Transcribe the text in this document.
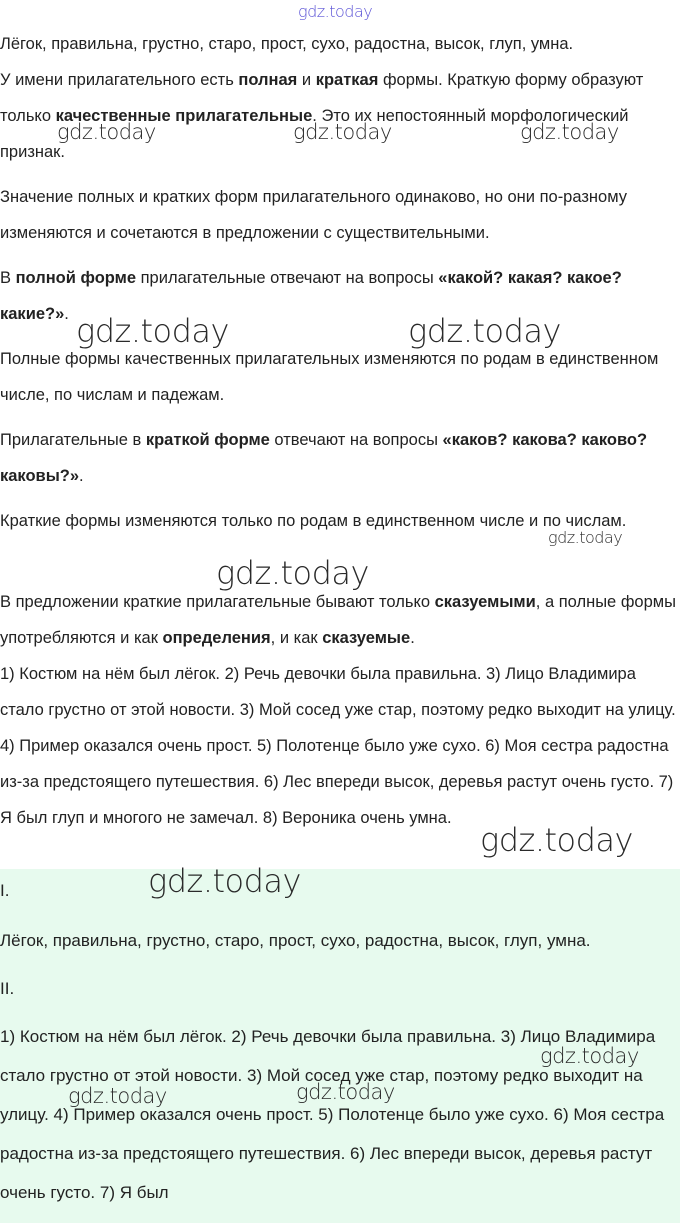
Лёгок, правильна, грустно, старо, прост, сухо, радостна, высок, глуп, умна.

У имени прилагательного есть полная и краткая формы. Краткую форму образуют только качественные прилагательные. Это их непостоянный морфологический признак.

Значение полных и кратких форм прилагательного одинаково, но они по-разному изменяются и сочетаются в предложении с существительными.

В полной форме прилагательные отвечают на вопросы «какой? какая? какое? какие?».

Полные формы качественных прилагательных изменяются по родам в единственном числе, по числам и падежам.

Прилагательные в краткой форме отвечают на вопросы «каков? какова? каково? каковы?».

Краткие формы изменяются только по родам в единственном числе и по числам.

В предложении краткие прилагательные бывают только сказуемыми, а полные формы употребляются и как определения, и как сказуемые.

1) Костюм на нём был лёгок. 2) Речь девочки была правильна. 3) Лицо Владимира стало грустно от этой новости. 3) Мой сосед уже стар, поэтому редко выходит на улицу. 4) Пример оказался очень прост. 5) Полотенце было уже сухо. 6) Моя сестра радостна из-за предстоящего путешествия. 6) Лес впереди высок, деревья растут очень густо. 7) Я был глуп и многого не замечал. 8) Вероника очень умна.

I.

Лёгок, правильна, грустно, старо, прост, сухо, радостна, высок, глуп, умна.

II.

1) Костюм на нём был лёгок. 2) Речь девочки была правильна. 3) Лицо Владимира стало грустно от этой новости. 3) Мой сосед уже стар, поэтому редко выходит на улицу. 4) Пример оказался очень прост. 5) Полотенце было уже сухо. 6) Моя сестра радостна из-за предстоящего путешествия. 6) Лес впереди высок, деревья растут очень густо. 7) Я был

gdz.today
gdz.today	gdz.today	gdz.today
gdz.today	gdz.today
gdz.today
gdz.today
gdz.today
gdz.today
gdz.today
gdz.today	gdz.today
